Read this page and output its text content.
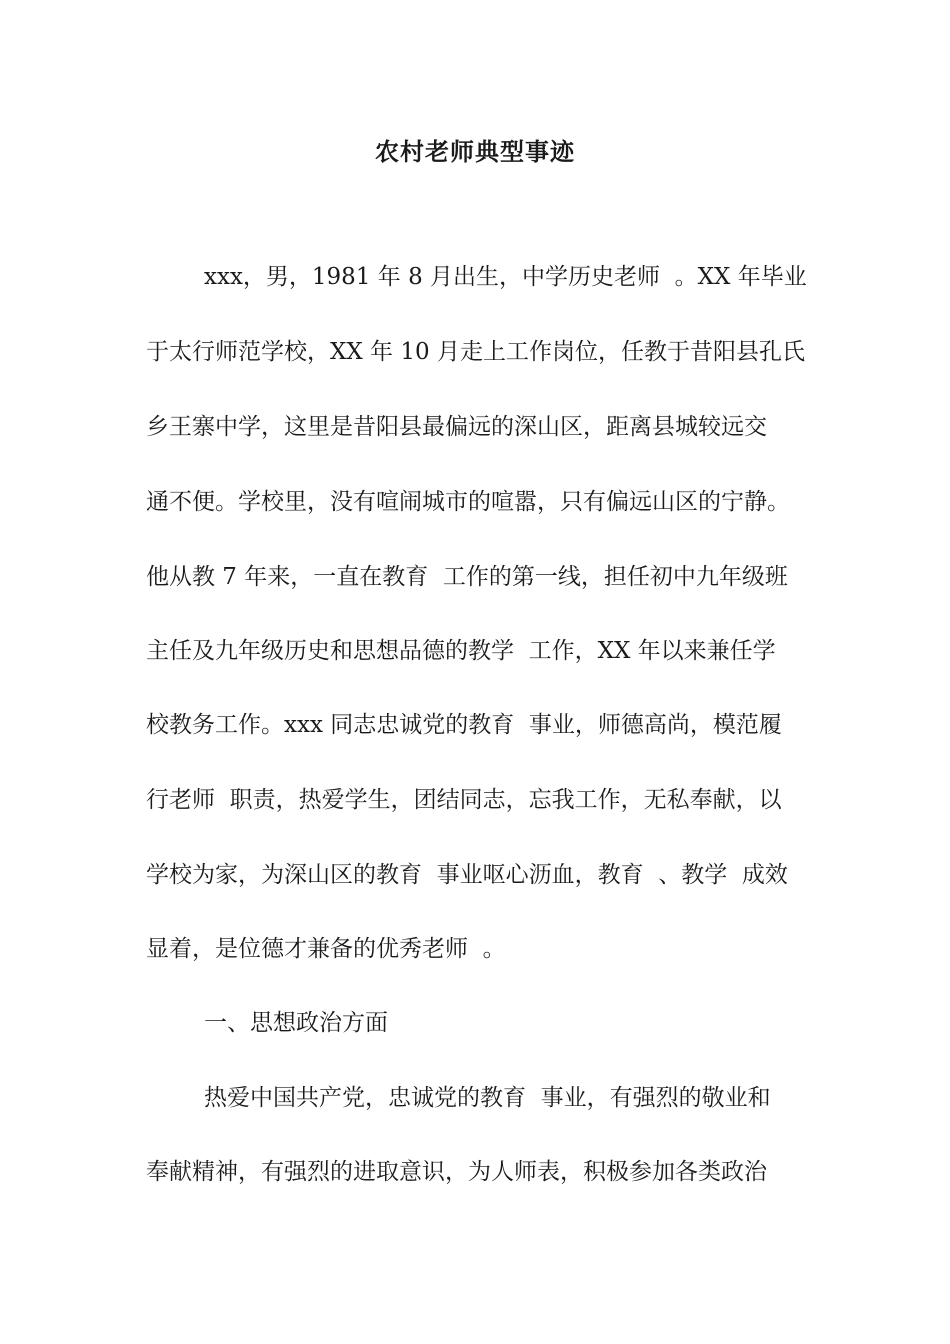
农村老师典型事迹
xxx，男，1981 年 8 月出生，中学历史老师  。XX 年毕业
于太行师范学校，XX 年 10 月走上工作岗位，任教于昔阳县孔氏
乡王寨中学，这里是昔阳县最偏远的深山区，距离县城较远交
通不便。学校里，没有喧闹城市的喧嚣，只有偏远山区的宁静。
他从教 7 年来，一直在教育  工作的第一线，担任初中九年级班
主任及九年级历史和思想品德的教学  工作，XX 年以来兼任学
校教务工作。xxx 同志忠诚党的教育  事业，师德高尚，模范履
行老师  职责，热爱学生，团结同志，忘我工作，无私奉献，以
学校为家，为深山区的教育  事业呕心沥血，教育  、教学  成效
显着，是位德才兼备的优秀老师  。
一、思想政治方面
热爱中国共产党，忠诚党的教育  事业，有强烈的敬业和
奉献精神，有强烈的进取意识，为人师表，积极参加各类政治
